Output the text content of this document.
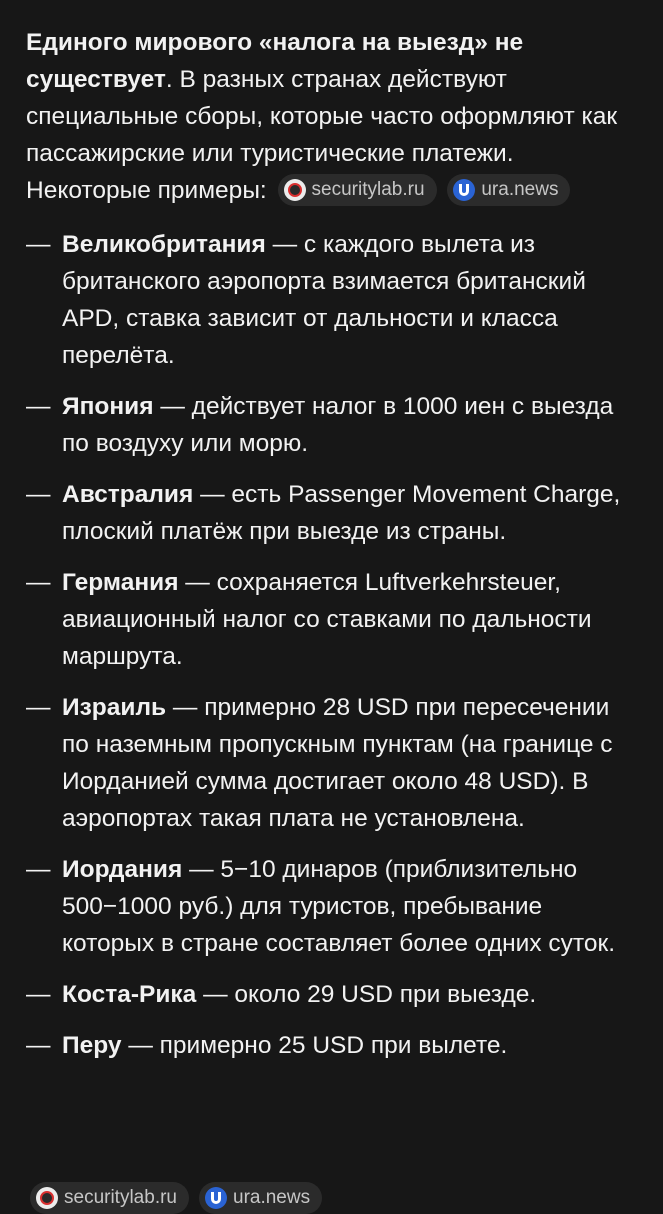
Единого мирового «налога на выезд» не существует. В разных странах действуют специальные сборы, которые часто оформляют как пассажирские или туристические платежи. Некоторые примеры: securitylab.ru
	ura.news

— Великобритания — с каждого вылета из британского аэропорта взимается британский APD, ставка зависит от дальности и класса перелёта.
— Япония — действует налог в 1000 иен с выезда по воздуху или морю.
— Австралия — есть Passenger Movement Charge, плоский платёж при выезде из страны.
— Германия — сохраняется Luftverkehrsteuer, авиационный налог со ставками по дальности маршрута.
— Израиль — примерно 28 USD при пересечении по наземным пропускным пунктам (на границе с Иорданией сумма достигает около 48 USD). В аэропортах такая плата не установлена.
— Иордания — 5−10 динаров (приблизительно 500−1000 руб.) для туристов, пребывание которых в стране составляет более одних суток.
— Коста-Рика — около 29 USD при выезде.
— Перу — примерно 25 USD при вылете.
securitylab.ru	ura.news
